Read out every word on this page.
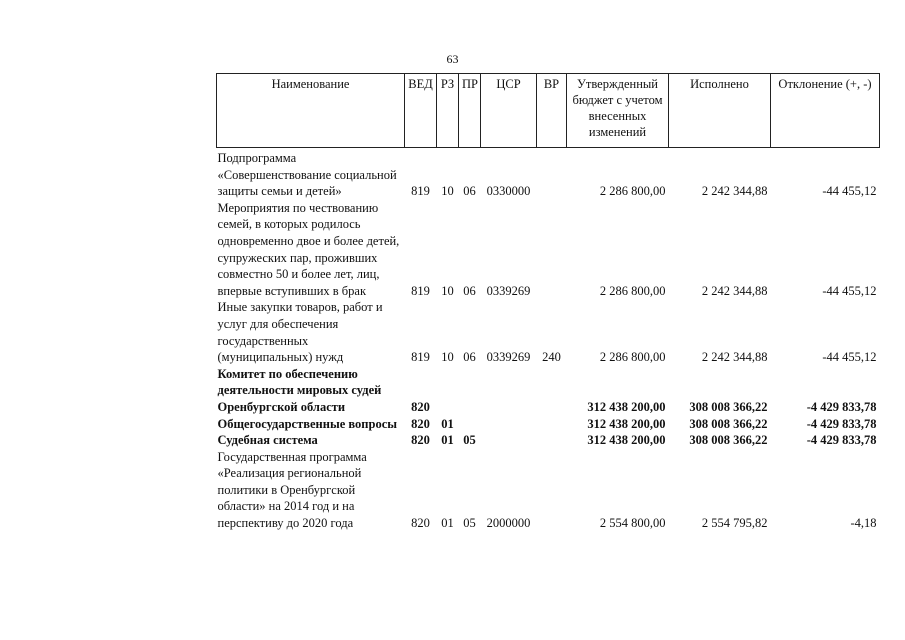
63
Наименование	ВЕД	РЗ	ПР	ЦСР	ВР	Утвержденный бюджет с учетом внесенных изменений	Исполнено	Отклонение (+, -)
Подпрограмма «Совершенствование социальной защиты семьи и детей»	819	10	06	0330000		2 286 800,00	2 242 344,88	-44 455,12
Мероприятия по чествованию семей, в которых родилось одновременно двое и более детей, супружеских пар, проживших совместно 50 и более лет, лиц, впервые вступивших в брак	819	10	06	0339269		2 286 800,00	2 242 344,88	-44 455,12
Иные закупки товаров, работ и услуг для обеспечения государственных (муниципальных) нужд	819	10	06	0339269	240	2 286 800,00	2 242 344,88	-44 455,12
Комитет по обеспечению деятельности мировых судей Оренбургской области	820					312 438 200,00	308 008 366,22	-4 429 833,78
Общегосударственные вопросы	820	01				312 438 200,00	308 008 366,22	-4 429 833,78
Судебная система	820	01	05			312 438 200,00	308 008 366,22	-4 429 833,78
Государственная программа «Реализация региональной политики в Оренбургской области» на 2014 год и на перспективу до 2020 года	820	01	05	2000000		2 554 800,00	2 554 795,82	-4,18
